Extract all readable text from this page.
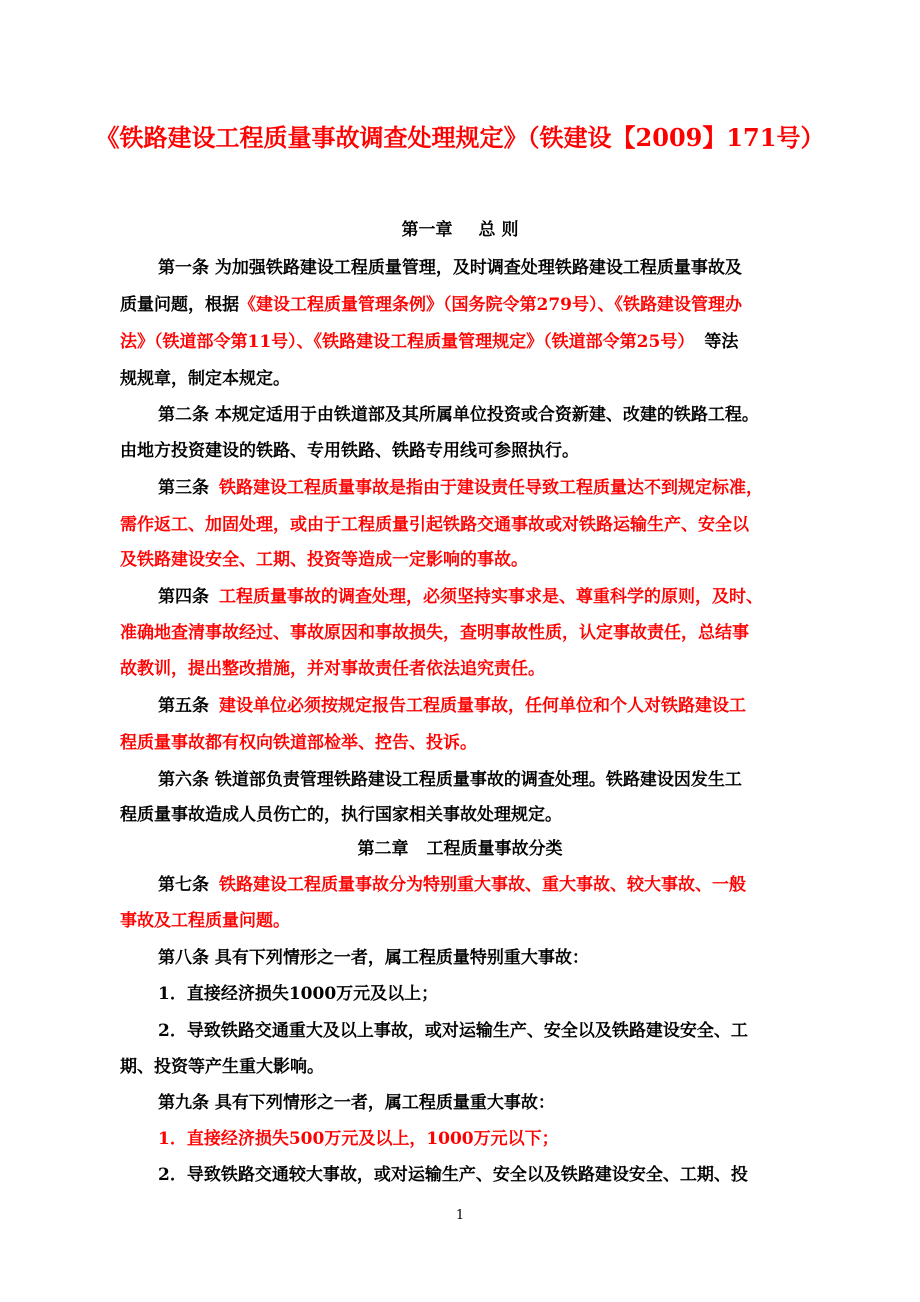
《铁路建设工程质量事故调查处理规定》（铁建设【2009】171号）
第一章 总 则
第一条 为加强铁路建设工程质量管理，及时调查处理铁路建设工程质量事故及
质量问题，根据《建设工程质量管理条例》（国务院令第279号）、《铁路建设管理办
法》（铁道部令第11号）、《铁路建设工程质量管理规定》（铁道部令第25号） 等法
规规章，制定本规定。
第二条 本规定适用于由铁道部及其所属单位投资或合资新建、改建的铁路工程。
由地方投资建设的铁路、专用铁路、铁路专用线可参照执行。
第三条 铁路建设工程质量事故是指由于建设责任导致工程质量达不到规定标准，
需作返工、加固处理，或由于工程质量引起铁路交通事故或对铁路运输生产、安全以
及铁路建设安全、工期、投资等造成一定影响的事故。
第四条 工程质量事故的调查处理，必须坚持实事求是、尊重科学的原则，及时、
准确地查清事故经过、事故原因和事故损失，查明事故性质，认定事故责任，总结事
故教训，提出整改措施，并对事故责任者依法追究责任。
第五条 建设单位必须按规定报告工程质量事故，任何单位和个人对铁路建设工
程质量事故都有权向铁道部检举、控告、投诉。
第六条 铁道部负责管理铁路建设工程质量事故的调查处理。铁路建设因发生工
程质量事故造成人员伤亡的，执行国家相关事故处理规定。
第二章 工程质量事故分类
第七条 铁路建设工程质量事故分为特别重大事故、重大事故、较大事故、一般
事故及工程质量问题。
第八条 具有下列情形之一者，属工程质量特别重大事故：
1．直接经济损失1000万元及以上；
2．导致铁路交通重大及以上事故，或对运输生产、安全以及铁路建设安全、工
期、投资等产生重大影响。
第九条 具有下列情形之一者，属工程质量重大事故：
1．直接经济损失500万元及以上，1000万元以下；
2．导致铁路交通较大事故，或对运输生产、安全以及铁路建设安全、工期、投
1
